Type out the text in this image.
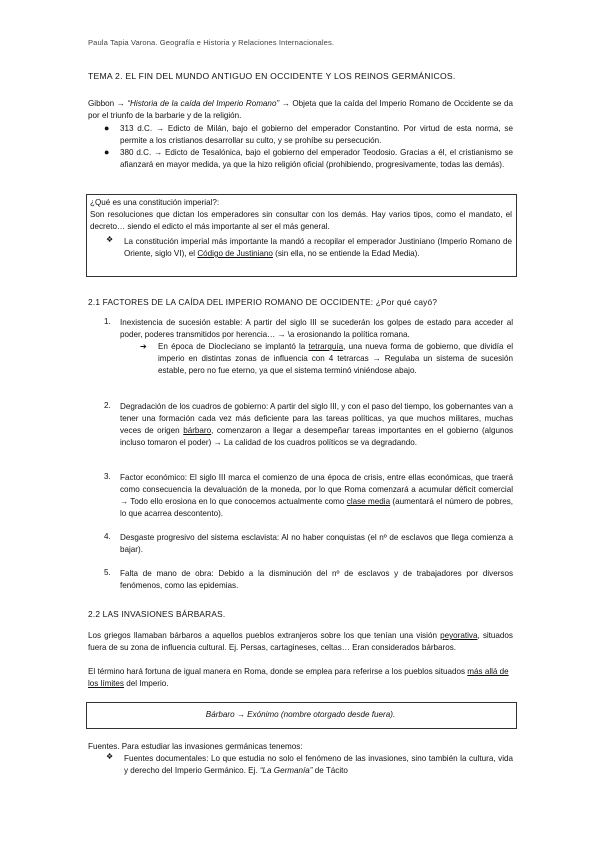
Paula Tapia Varona. Geografía e Historia y Relaciones Internacionales.
TEMA 2. EL FIN DEL MUNDO ANTIGUO EN OCCIDENTE Y LOS REINOS GERMÁNICOS.
Gibbon → “Historia de la caída del Imperio Romano” → Objeta que la caída del Imperio Romano de Occidente se da por el triunfo de la barbarie y de la religión.
● 313 d.C. → Edicto de Milán, bajo el gobierno del emperador Constantino. Por virtud de esta norma, se permite a los cristianos desarrollar su culto, y se prohíbe su persecución.
● 380 d.C. → Edicto de Tesalónica, bajo el gobierno del emperador Teodosio. Gracias a él, el cristianismo se afianzará en mayor medida, ya que la hizo religión oficial (prohibiendo, progresivamente, todas las demás).
¿Qué es una constitución imperial?:
Son resoluciones que dictan los emperadores sin consultar con los demás. Hay varios tipos, como el mandato, el decreto… siendo el edicto el más importante al ser el más general.
❖ La constitución imperial más importante la mandó a recopilar el emperador Justiniano (Imperio Romano de Oriente, siglo VI), el Código de Justiniano (sin ella, no se entiende la Edad Media).
2.1 FACTORES DE LA CAÍDA DEL IMPERIO ROMANO DE OCCIDENTE: ¿Por qué cayó?
1. Inexistencia de sucesión estable: A partir del siglo III se sucederán los golpes de estado para acceder al poder, poderes transmitidos por herencia… → \a erosionando la política romana.
➔ En época de Diocleciano se implantó la tetrarquía, una nueva forma de gobierno, que dividía el imperio en distintas zonas de influencia con 4 tetrarcas → Regulaba un sistema de sucesión estable, pero no fue eterno, ya que el sistema terminó viniéndose abajo.
2. Degradación de los cuadros de gobierno: A partir del siglo III, y con el paso del tiempo, los gobernantes van a tener una formación cada vez más deficiente para las tareas políticas, ya que muchos militares, muchas veces de origen bárbaro, comenzaron a llegar a desempeñar tareas importantes en el gobierno (algunos incluso tomaron el poder) → La calidad de los cuadros políticos se va degradando.
3. Factor económico: El siglo III marca el comienzo de una época de crisis, entre ellas económicas, que traerá como consecuencia la devaluación de la moneda, por lo que Roma comenzará a acumular déficit comercial → Todo ello erosiona en lo que conocemos actualmente como clase media (aumentará el número de pobres, lo que acarrea descontento).
4. Desgaste progresivo del sistema esclavista: Al no haber conquistas (el nº de esclavos que llega comienza a bajar).
5. Falta de mano de obra: Debido a la disminución del nº de esclavos y de trabajadores por diversos fenómenos, como las epidemias.
2.2 LAS INVASIONES BÁRBARAS.
Los griegos llamaban bárbaros a aquellos pueblos extranjeros sobre los que tenían una visión peyorativa, situados fuera de su zona de influencia cultural. Ej. Persas, cartagineses, celtas… Eran considerados bárbaros.
El término hará fortuna de igual manera en Roma, donde se emplea para referirse a los pueblos situados más allá de los límites del Imperio.
Bárbaro → Exónimo (nombre otorgado desde fuera).
Fuentes. Para estudiar las invasiones germánicas tenemos:
❖ Fuentes documentales: Lo que estudia no solo el fenómeno de las invasiones, sino también la cultura, vida y derecho del Imperio Germánico. Ej. “La Germanía” de Tácito
